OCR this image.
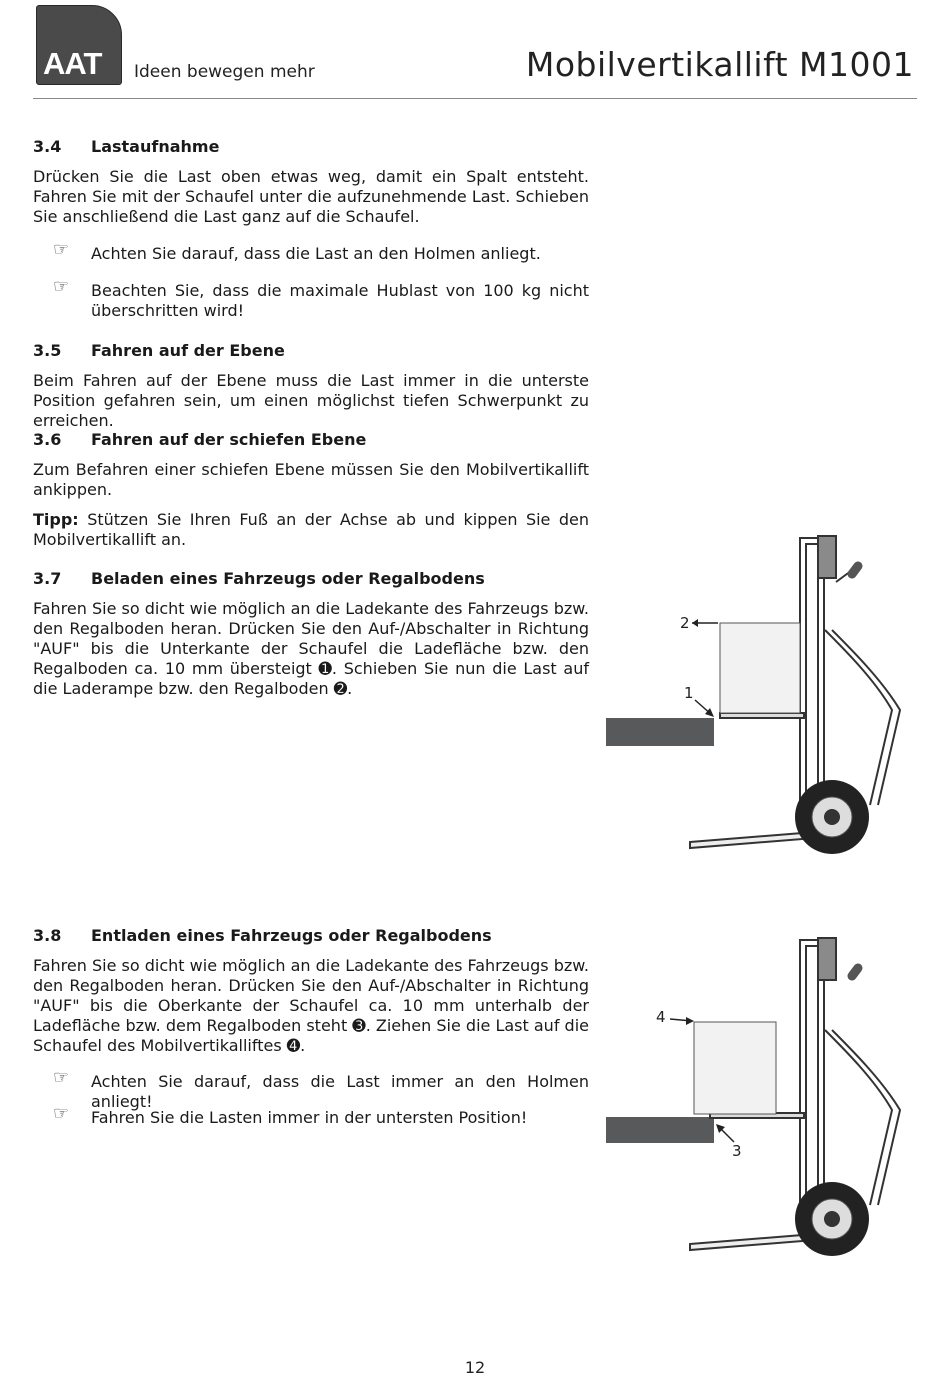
AAT Ideen bewegen mehr	Mobilvertikallift M1001
3.4 Lastaufnahme

Drücken Sie die Last oben etwas weg, damit ein Spalt entsteht. Fahren Sie mit der Schaufel unter die aufzunehmende Last. Schieben Sie anschließend die Last ganz auf die Schaufel.

☞ Achten Sie darauf, dass die Last an den Holmen anliegt.
☞ Beachten Sie, dass die maximale Hublast von 100 kg nicht überschritten wird!
3.5 Fahren auf der Ebene

Beim Fahren auf der Ebene muss die Last immer in die unterste Position gefahren sein, um einen möglichst tiefen Schwerpunkt zu erreichen.

3.6 Fahren auf der schiefen Ebene

Zum Befahren einer schiefen Ebene müssen Sie den Mobilvertikallift ankippen.

Tipp: Stützen Sie Ihren Fuß an der Achse ab und kippen Sie den Mobilvertikallift an.

3.7 Beladen eines Fahrzeugs oder Regalbodens

Fahren Sie so dicht wie möglich an die Ladekante des Fahrzeugs bzw. den Regalboden heran. Drücken Sie den Auf-/Abschalter in Richtung "AUF" bis die Unterkante der Schaufel die Ladefläche bzw. den Regalboden ca. 10 mm übersteigt ➊. Schieben Sie nun die Last auf die Laderampe bzw. den Regalboden ➋.

2
1
3.8 Entladen eines Fahrzeugs oder Regalbodens

Fahren Sie so dicht wie möglich an die Ladekante des Fahrzeugs bzw. den Regalboden heran. Drücken Sie den Auf-/Abschalter in Richtung "AUF" bis die Oberkante der Schaufel ca. 10 mm unterhalb der Ladefläche bzw. dem Regalboden steht ➌. Ziehen Sie die Last auf die Schaufel des Mobilvertikalliftes ➍.

☞ Achten Sie darauf, dass die Last immer an den Holmen anliegt!
☞ Fahren Sie die Lasten immer in der untersten Position!
4
3
12
